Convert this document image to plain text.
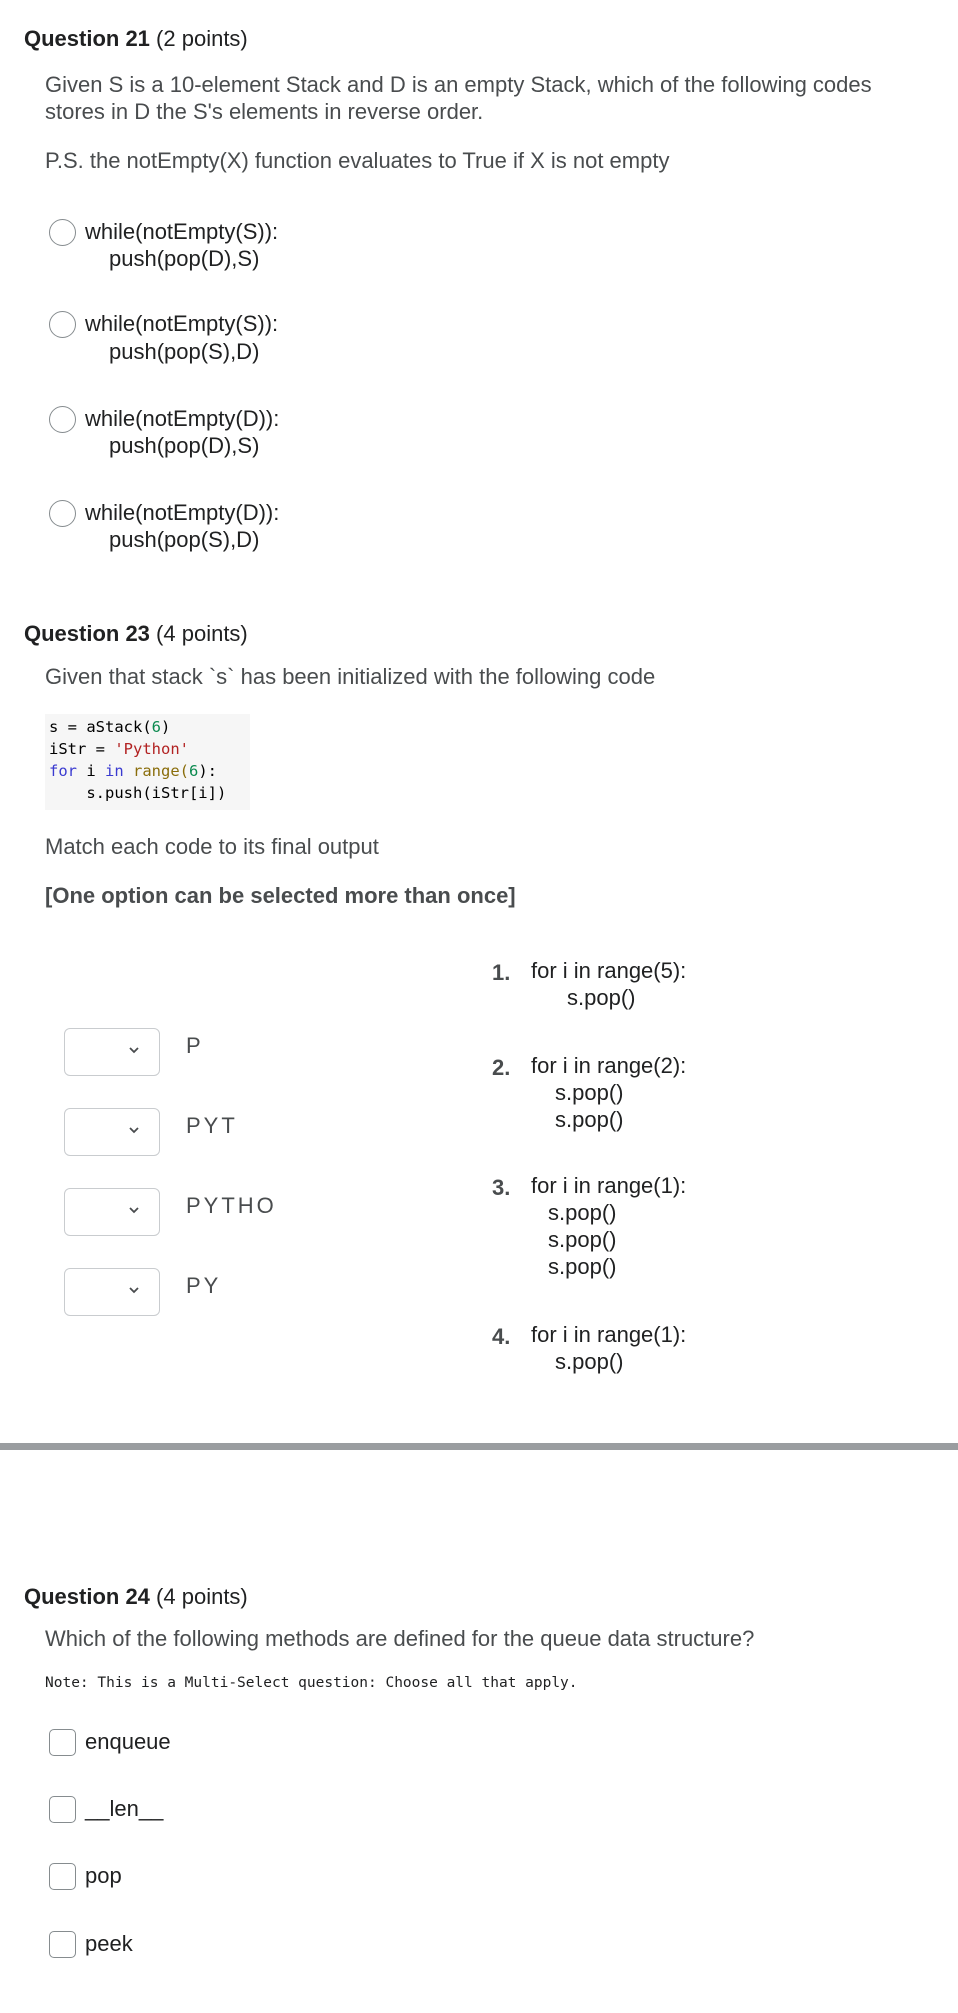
Question 21 (2 points)
Given S is a 10-element Stack and D is an empty Stack, which of the following codes stores in D the S's elements in reverse order.
P.S. the notEmpty(X) function evaluates to True if X is not empty
while(notEmpty(S)):
push(pop(D),S)
while(notEmpty(S)):
push(pop(S),D)
while(notEmpty(D)):
push(pop(D),S)
while(notEmpty(D)):
push(pop(S),D)
Question 23 (4 points)
Given that stack `s` has been initialized with the following code
s = aStack(6)
iStr = 'Python'
for i in range(6):
s.push(iStr[i])
Match each code to its final output
[One option can be selected more than once]
P
PYT
PYTHO
PY
1. for i in range(5):
s.pop()
2. for i in range(2):
s.pop()
s.pop()
3. for i in range(1):
s.pop()
s.pop()
s.pop()
4. for i in range(1):
s.pop()
Question 24 (4 points)
Which of the following methods are defined for the queue data structure?
Note: This is a Multi-Select question: Choose all that apply.
enqueue
__len__
pop
peek
